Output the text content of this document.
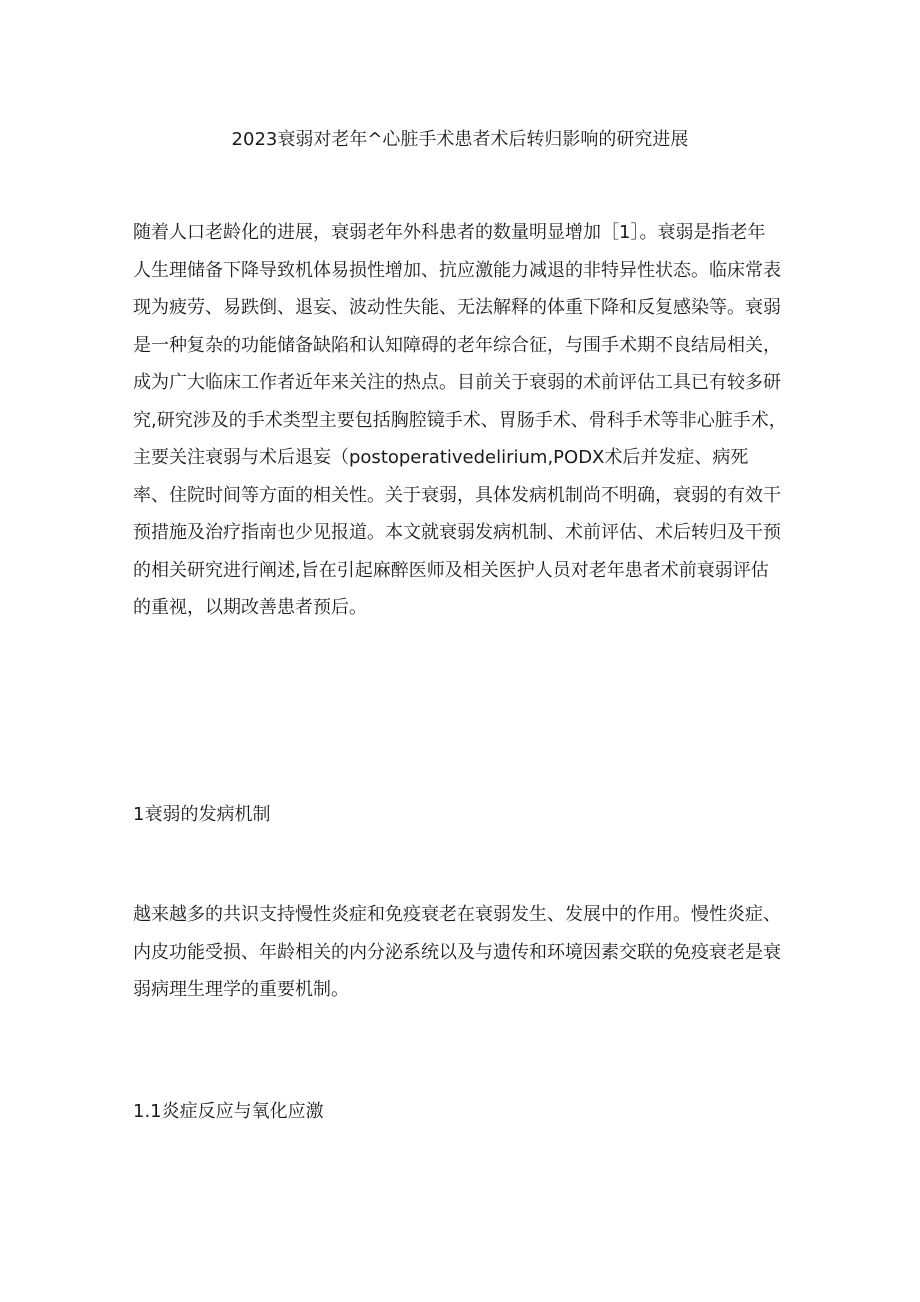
2023衰弱对老年^心脏手术患者术后转归影响的研究进展
随着人口老龄化的进展，衰弱老年外科患者的数量明显增加［1］。衰弱是指老年
人生理储备下降导致机体易损性增加、抗应激能力减退的非特异性状态。临床常表
现为疲劳、易跌倒、退妄、波动性失能、无法解释的体重下降和反复感染等。衰弱
是一种复杂的功能储备缺陷和认知障碍的老年综合征，与围手术期不良结局相关，
成为广大临床工作者近年来关注的热点。目前关于衰弱的术前评估工具已有较多研
究,研究涉及的手术类型主要包括胸腔镜手术、胃肠手术、骨科手术等非心脏手术，
主要关注衰弱与术后退妄（postoperativedelirium,PODX术后并发症、病死
率、住院时间等方面的相关性。关于衰弱，具体发病机制尚不明确，衰弱的有效干
预措施及治疗指南也少见报道。本文就衰弱发病机制、术前评估、术后转归及干预
的相关研究进行阐述,旨在引起麻醉医师及相关医护人员对老年患者术前衰弱评估
的重视，以期改善患者预后。
1衰弱的发病机制
越来越多的共识支持慢性炎症和免疫衰老在衰弱发生、发展中的作用。慢性炎症、
内皮功能受损、年龄相关的内分泌系统以及与遗传和环境因素交联的免疫衰老是衰
弱病理生理学的重要机制。
1.1炎症反应与氧化应激
